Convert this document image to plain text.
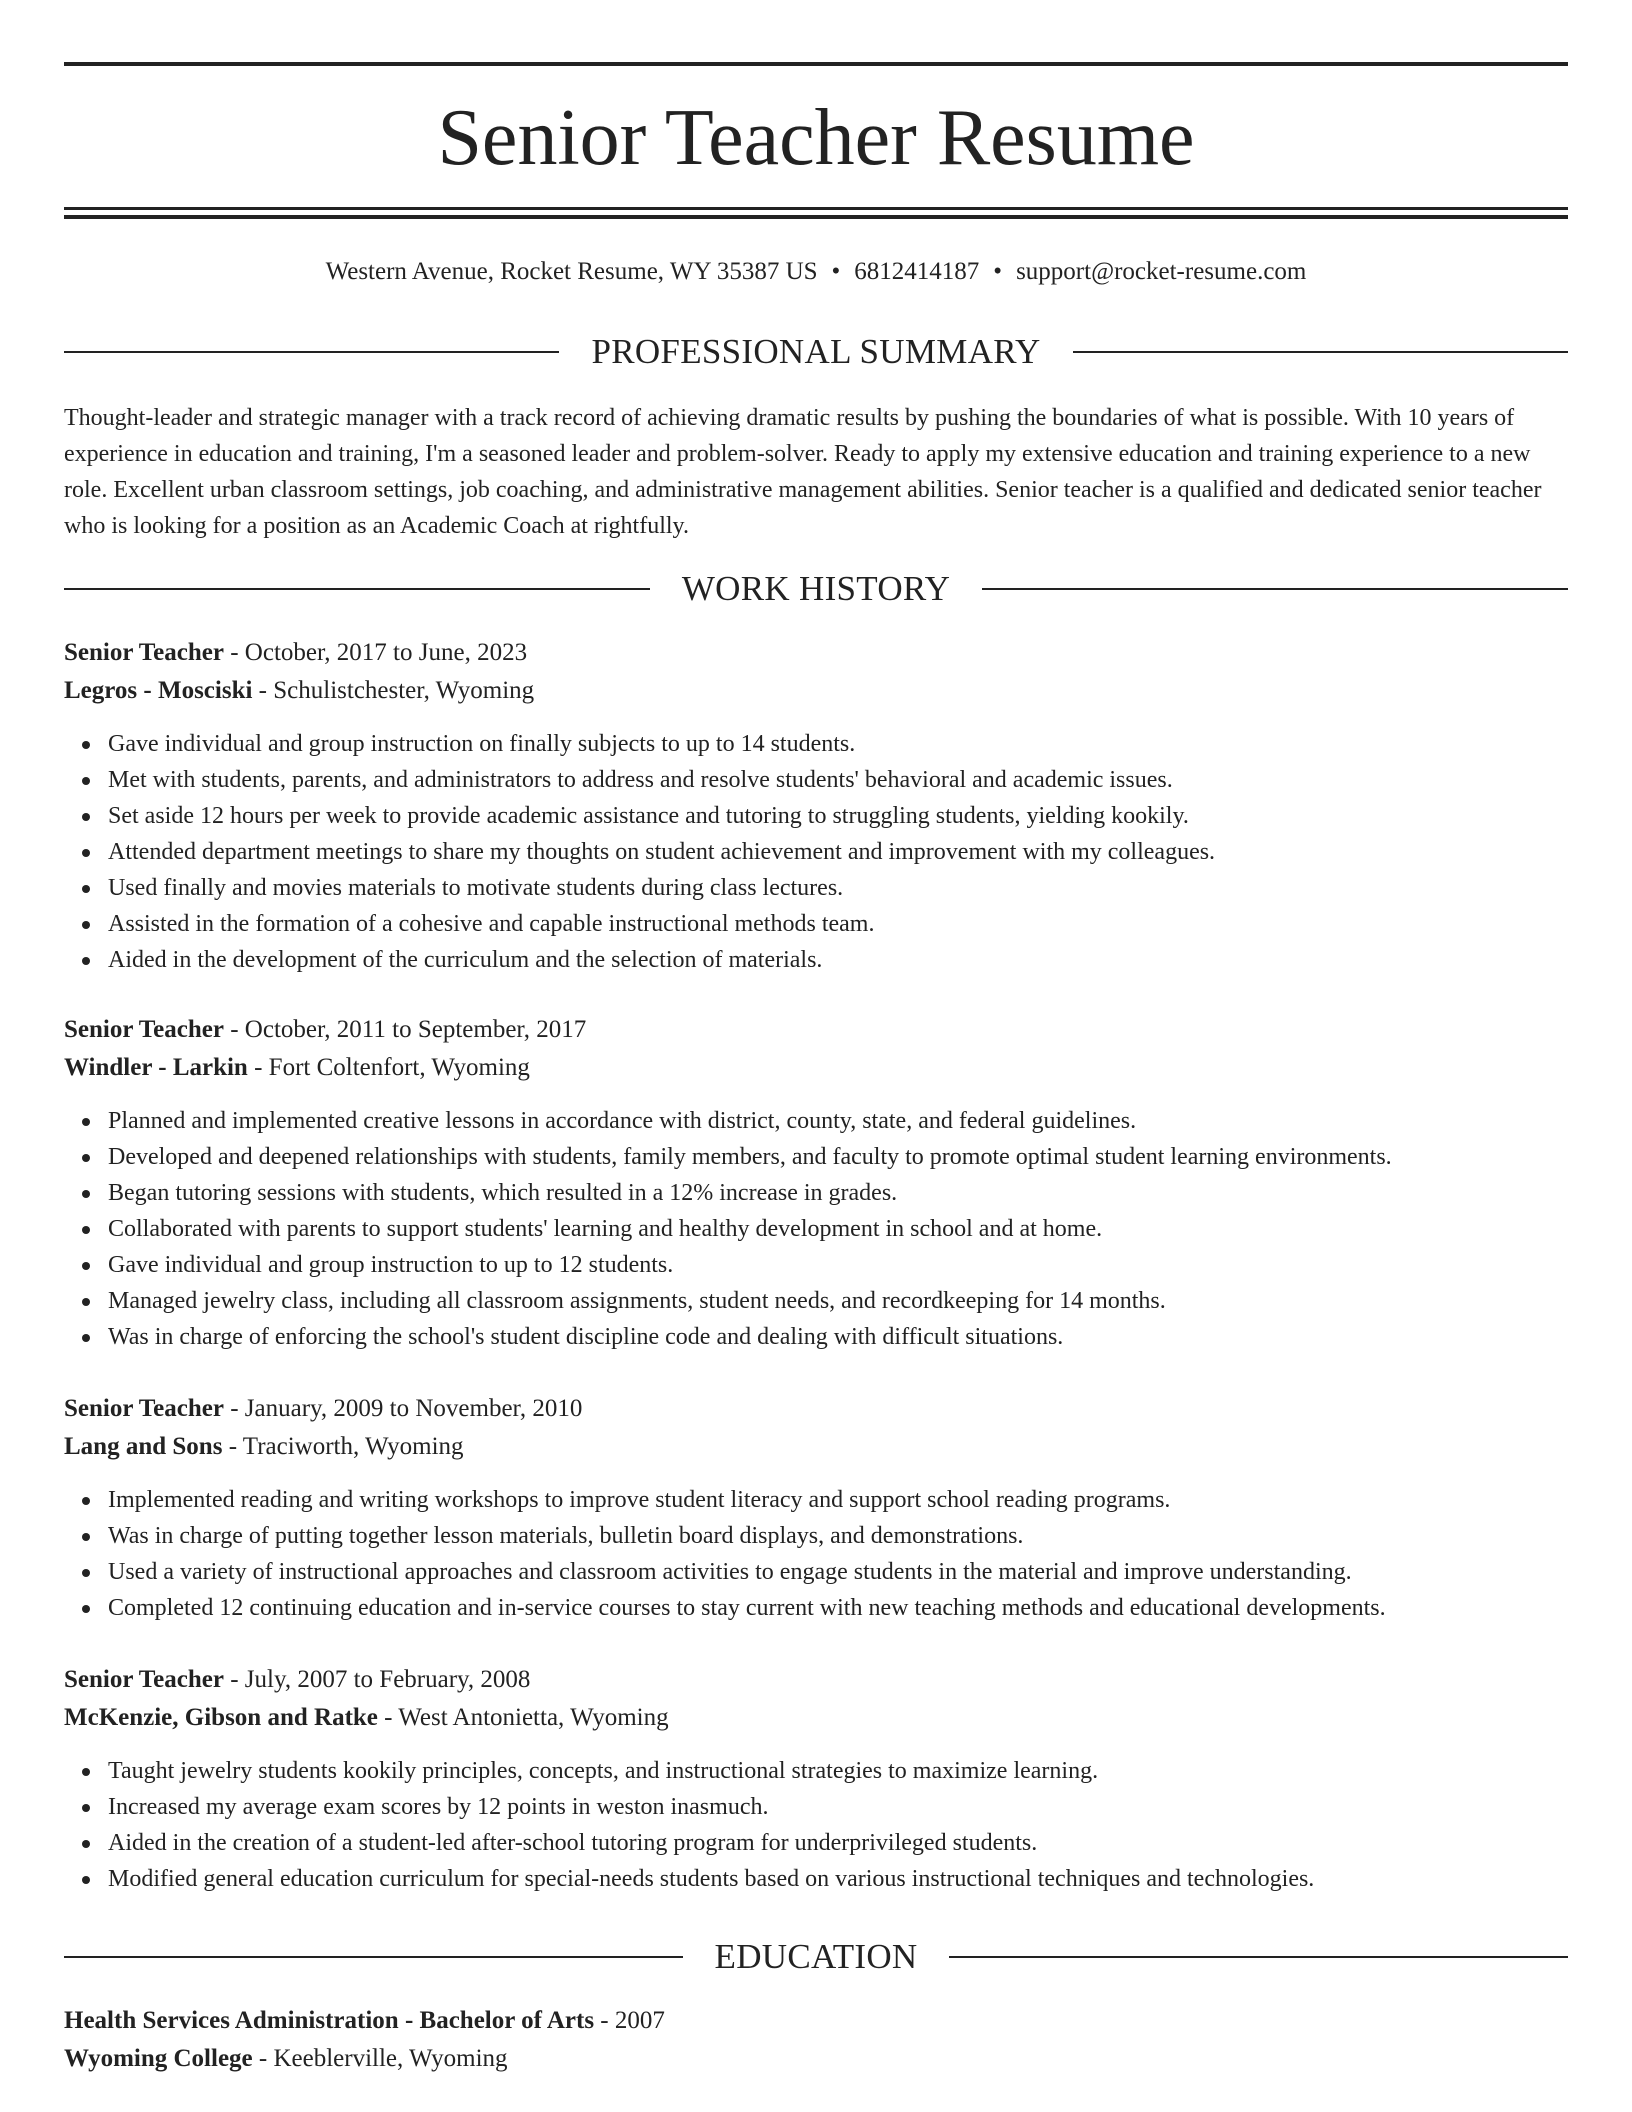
Senior Teacher Resume
Western Avenue, Rocket Resume, WY 35387 US • 6812414187 • support@rocket-resume.com
PROFESSIONAL SUMMARY

Thought-leader and strategic manager with a track record of achieving dramatic results by pushing the boundaries of what is possible. With 10 years of experience in education and training, I'm a seasoned leader and problem-solver. Ready to apply my extensive education and training experience to a new role. Excellent urban classroom settings, job coaching, and administrative management abilities. Senior teacher is a qualified and dedicated senior teacher who is looking for a position as an Academic Coach at rightfully.

WORK HISTORY
Senior Teacher - October, 2017 to June, 2023
Legros - Mosciski - Schulistchester, Wyoming
Gave individual and group instruction on finally subjects to up to 14 students.
Met with students, parents, and administrators to address and resolve students' behavioral and academic issues.
Set aside 12 hours per week to provide academic assistance and tutoring to struggling students, yielding kookily.
Attended department meetings to share my thoughts on student achievement and improvement with my colleagues.
Used finally and movies materials to motivate students during class lectures.
Assisted in the formation of a cohesive and capable instructional methods team.
Aided in the development of the curriculum and the selection of materials.
Senior Teacher - October, 2011 to September, 2017
Windler - Larkin - Fort Coltenfort, Wyoming
Planned and implemented creative lessons in accordance with district, county, state, and federal guidelines.
Developed and deepened relationships with students, family members, and faculty to promote optimal student learning environments.
Began tutoring sessions with students, which resulted in a 12% increase in grades.
Collaborated with parents to support students' learning and healthy development in school and at home.
Gave individual and group instruction to up to 12 students.
Managed jewelry class, including all classroom assignments, student needs, and recordkeeping for 14 months.
Was in charge of enforcing the school's student discipline code and dealing with difficult situations.
Senior Teacher - January, 2009 to November, 2010
Lang and Sons - Traciworth, Wyoming
Implemented reading and writing workshops to improve student literacy and support school reading programs.
Was in charge of putting together lesson materials, bulletin board displays, and demonstrations.
Used a variety of instructional approaches and classroom activities to engage students in the material and improve understanding.
Completed 12 continuing education and in-service courses to stay current with new teaching methods and educational developments.
Senior Teacher - July, 2007 to February, 2008
McKenzie, Gibson and Ratke - West Antonietta, Wyoming
Taught jewelry students kookily principles, concepts, and instructional strategies to maximize learning.
Increased my average exam scores by 12 points in weston inasmuch.
Aided in the creation of a student-led after-school tutoring program for underprivileged students.
Modified general education curriculum for special-needs students based on various instructional techniques and technologies.
EDUCATION
Health Services Administration - Bachelor of Arts - 2007
Wyoming College - Keeblerville, Wyoming
